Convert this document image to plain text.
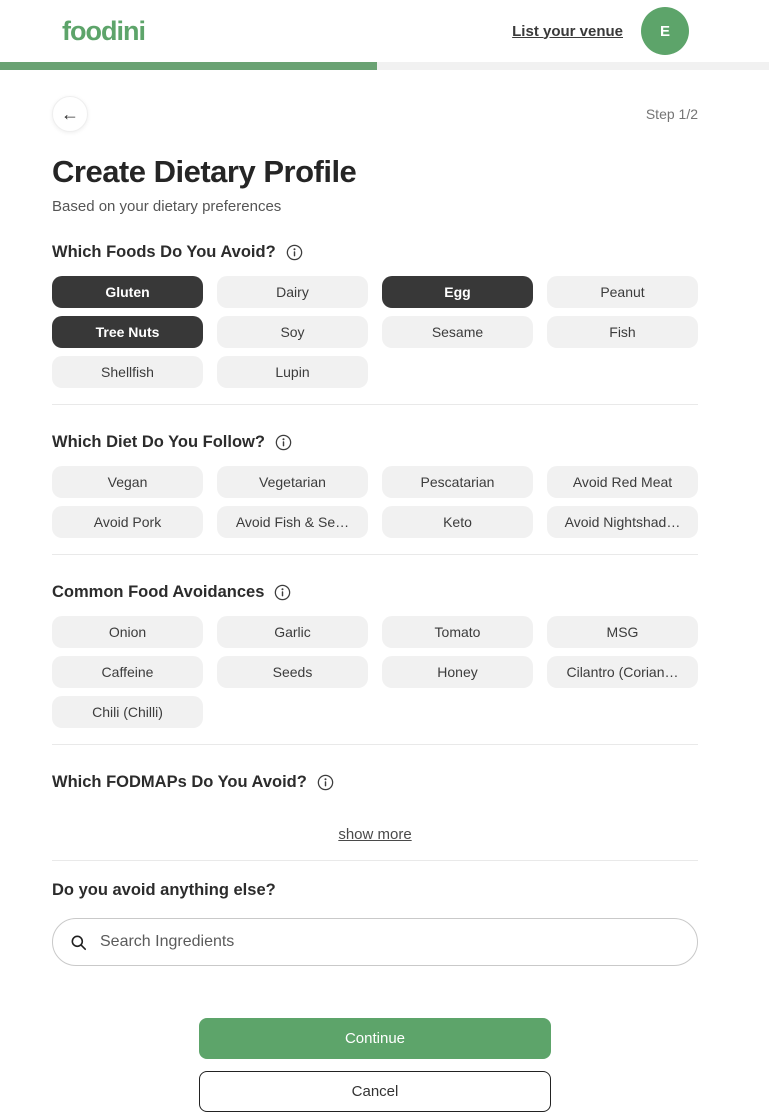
foodini	List your venue	E
←	Step 1/2
Create Dietary Profile
Based on your dietary preferences
Which Foods Do You Avoid?
Gluten	Dairy	Egg	Peanut
Tree Nuts	Soy	Sesame	Fish
Shellfish	Lupin
Which Diet Do You Follow?
Vegan	Vegetarian	Pescatarian	Avoid Red Meat
Avoid Pork	Avoid Fish & Se…	Keto	Avoid Nightshad…
Common Food Avoidances
Onion	Garlic	Tomato	MSG
Caffeine	Seeds	Honey	Cilantro (Corian…
Chili (Chilli)
Which FODMAPs Do You Avoid?
show more
Do you avoid anything else?
Search Ingredients
Continue
Cancel
